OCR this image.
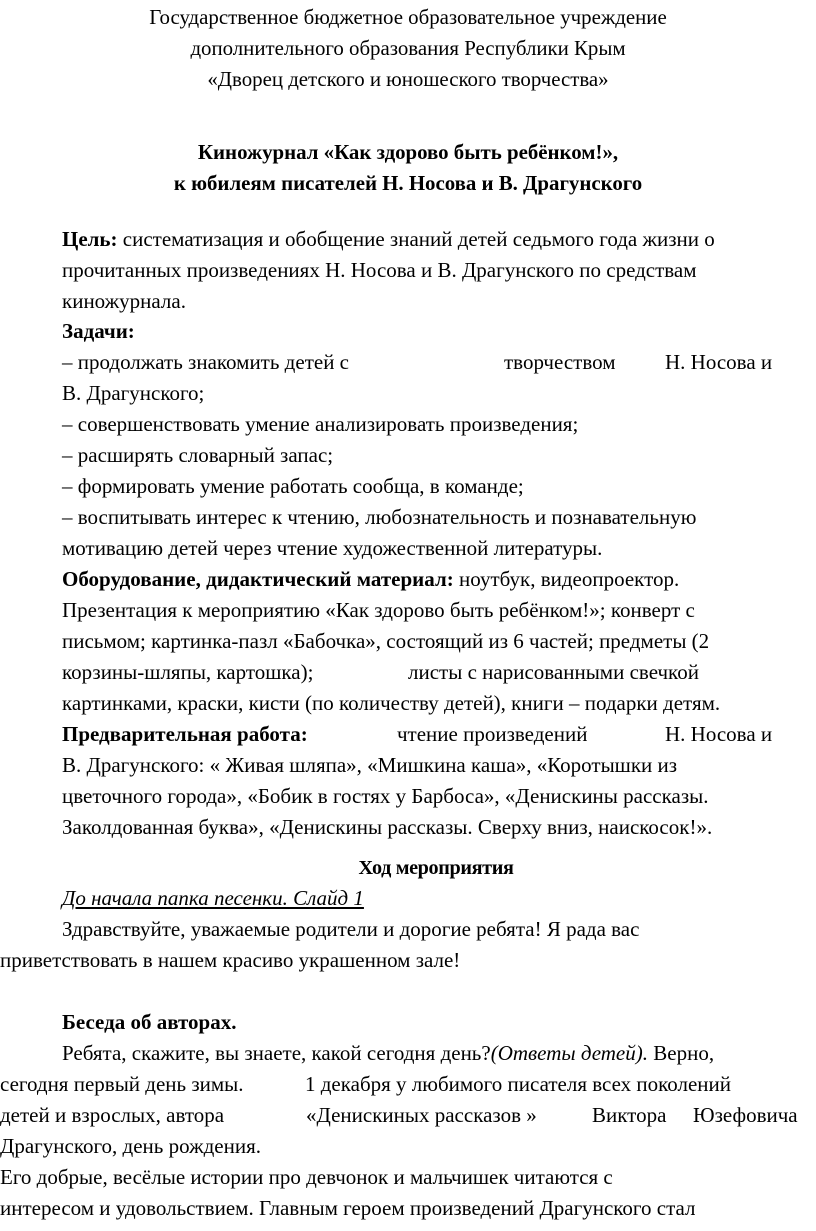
Государственное бюджетное образовательное учреждение
дополнительного образования Республики Крым
«Дворец детского и юношеского творчества»
Киножурнал «Как здорово быть ребёнком!»,
к юбилеям писателей Н. Носова и В. Драгунского
Цель: систематизация и обобщение знаний детей седьмого года жизни о
прочитанных произведениях Н. Носова и В. Драгунского по средствам
киножурнала.
Задачи:
– продолжать знакомить детей с	творчеством Н. Носова и
В. Драгунского;
– совершенствовать умение анализировать произведения;
– расширять словарный запас;
– формировать умение работать сообща, в команде;
– воспитывать интерес к чтению, любознательность и познавательную
мотивацию детей через чтение художественной литературы.
Оборудование, дидактический материал: ноутбук, видеопроектор.
Презентация к мероприятию «Как здорово быть ребёнком!»; конверт с
письмом; картинка-пазл «Бабочка», состоящий из 6 частей; предметы (2
корзины-шляпы, картошка);	листы с нарисованными свечкой
картинками, краски, кисти (по количеству детей), книги – подарки детям.
Предварительная работа:	чтение произведений	Н. Носова и
В. Драгунского: « Живая шляпа», «Мишкина каша», «Коротышки из
цветочного города», «Бобик в гостях у Барбоса», «Денискины рассказы.
Заколдованная буква», «Денискины рассказы. Сверху вниз, наискосок!».
Ход мероприятия
До начала папка песенки. Слайд 1
Здравствуйте, уважаемые родители и дорогие ребята! Я рада вас
приветствовать в нашем красиво украшенном зале!
Беседа об авторах.
Ребята, скажите, вы знаете, какой сегодня день?(Ответы детей). Верно,
сегодня первый день зимы.	1 декабря у любимого писателя всех поколений
детей и взрослых, автора	«Денискиных рассказов »	Виктора Юзефовича
Драгунского, день рождения.
Его добрые, весёлые истории про девчонок и мальчишек читаются с
интересом и удовольствием. Главным героем произведений Драгунского стал
